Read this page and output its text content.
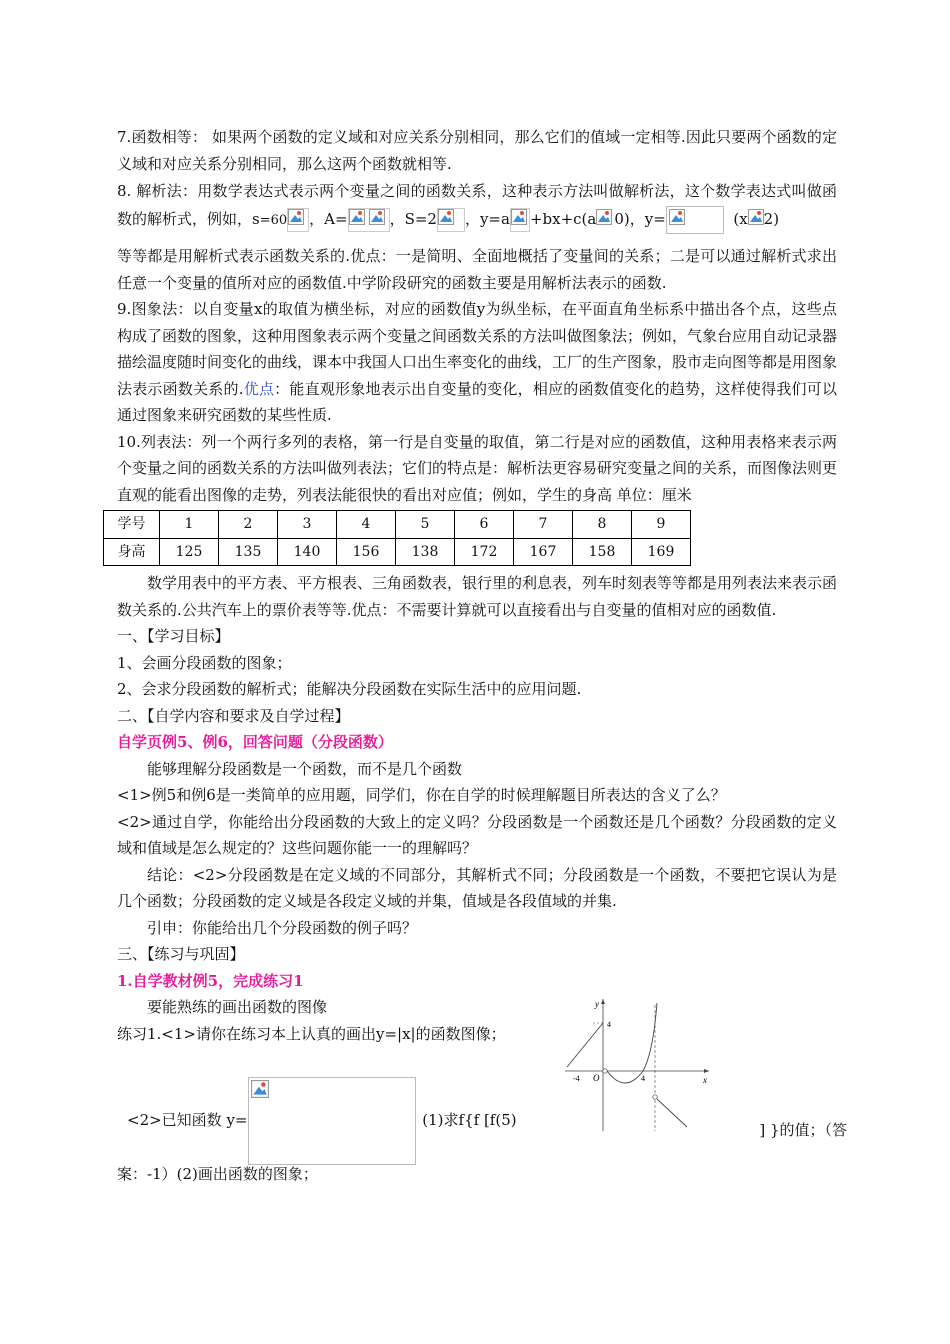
7.函数相等： 如果两个函数的定义域和对应关系分别相同，那么它们的值域一定相等.因此只要两个函数的定义域和对应关系分别相同，那么这两个函数就相等.

8. 解析法：用数学表达式表示两个变量之间的函数关系，这种表示方法叫做解析法，这个数学表达式叫做函数的解析式，例如，s=60 ，A=	，S=2 ，y=a +bx+c(a 0)，y=	(x 2)

等等都是用解析式表示函数关系的.优点：一是简明、全面地概括了变量间的关系；二是可以通过解析式求出任意一个变量的值所对应的函数值.中学阶段研究的函数主要是用解析法表示的函数.

9.图象法：以自变量x的取值为横坐标，对应的函数值y为纵坐标，在平面直角坐标系中描出各个点，这些点构成了函数的图象，这种用图象表示两个变量之间函数关系的方法叫做图象法；例如，气象台应用自动记录器描绘温度随时间变化的曲线，课本中我国人口出生率变化的曲线，工厂的生产图象，股市走向图等都是用图象法表示函数关系的.优点：能直观形象地表示出自变量的变化，相应的函数值变化的趋势，这样使得我们可以通过图象来研究函数的某些性质.

10.列表法：列一个两行多列的表格，第一行是自变量的取值，第二行是对应的函数值，这种用表格来表示两个变量之间的函数关系的方法叫做列表法；它们的特点是：解析法更容易研究变量之间的关系，而图像法则更直观的能看出图像的走势，列表法能很快的看出对应值；例如，学生的身高 单位：厘米

学号	1	2	3	4	5	6	7	8	9
身高	125	135	140	156	138	172	167	158	169

数学用表中的平方表、平方根表、三角函数表，银行里的利息表，列车时刻表等等都是用列表法来表示函数关系的.公共汽车上的票价表等等.优点：不需要计算就可以直接看出与自变量的值相对应的函数值.

一、【学习目标】

1、会画分段函数的图象；

2、会求分段函数的解析式；能解决分段函数在实际生活中的应用问题.

二、【自学内容和要求及自学过程】

自学页例5、例6，回答问题（分段函数）

能够理解分段函数是一个函数，而不是几个函数

<1>例5和例6是一类简单的应用题，同学们，你在自学的时候理解题目所表达的含义了么？

<2>通过自学，你能给出分段函数的大致上的定义吗？分段函数是一个函数还是几个函数？分段函数的定义域和值域是怎么规定的？这些问题你能一一的理解吗？

结论：<2>分段函数是在定义域的不同部分，其解析式不同；分段函数是一个函数，不要把它误认为是几个函数；分段函数的定义域是各段定义域的并集，值域是各段值域的并集.

引申：你能给出几个分段函数的例子吗？

三、【练习与巩固】

1.自学教材例5，完成练习1

要能熟练的画出函数的图像

练习1.<1>请你在练习本上认真的画出y=|x|的函数图像；

<2>已知函数 y=	(1)求f{f [f(5)
] }的值；（答
y
x
O
4
-4	4

案：-1）(2)画出函数的图象；
